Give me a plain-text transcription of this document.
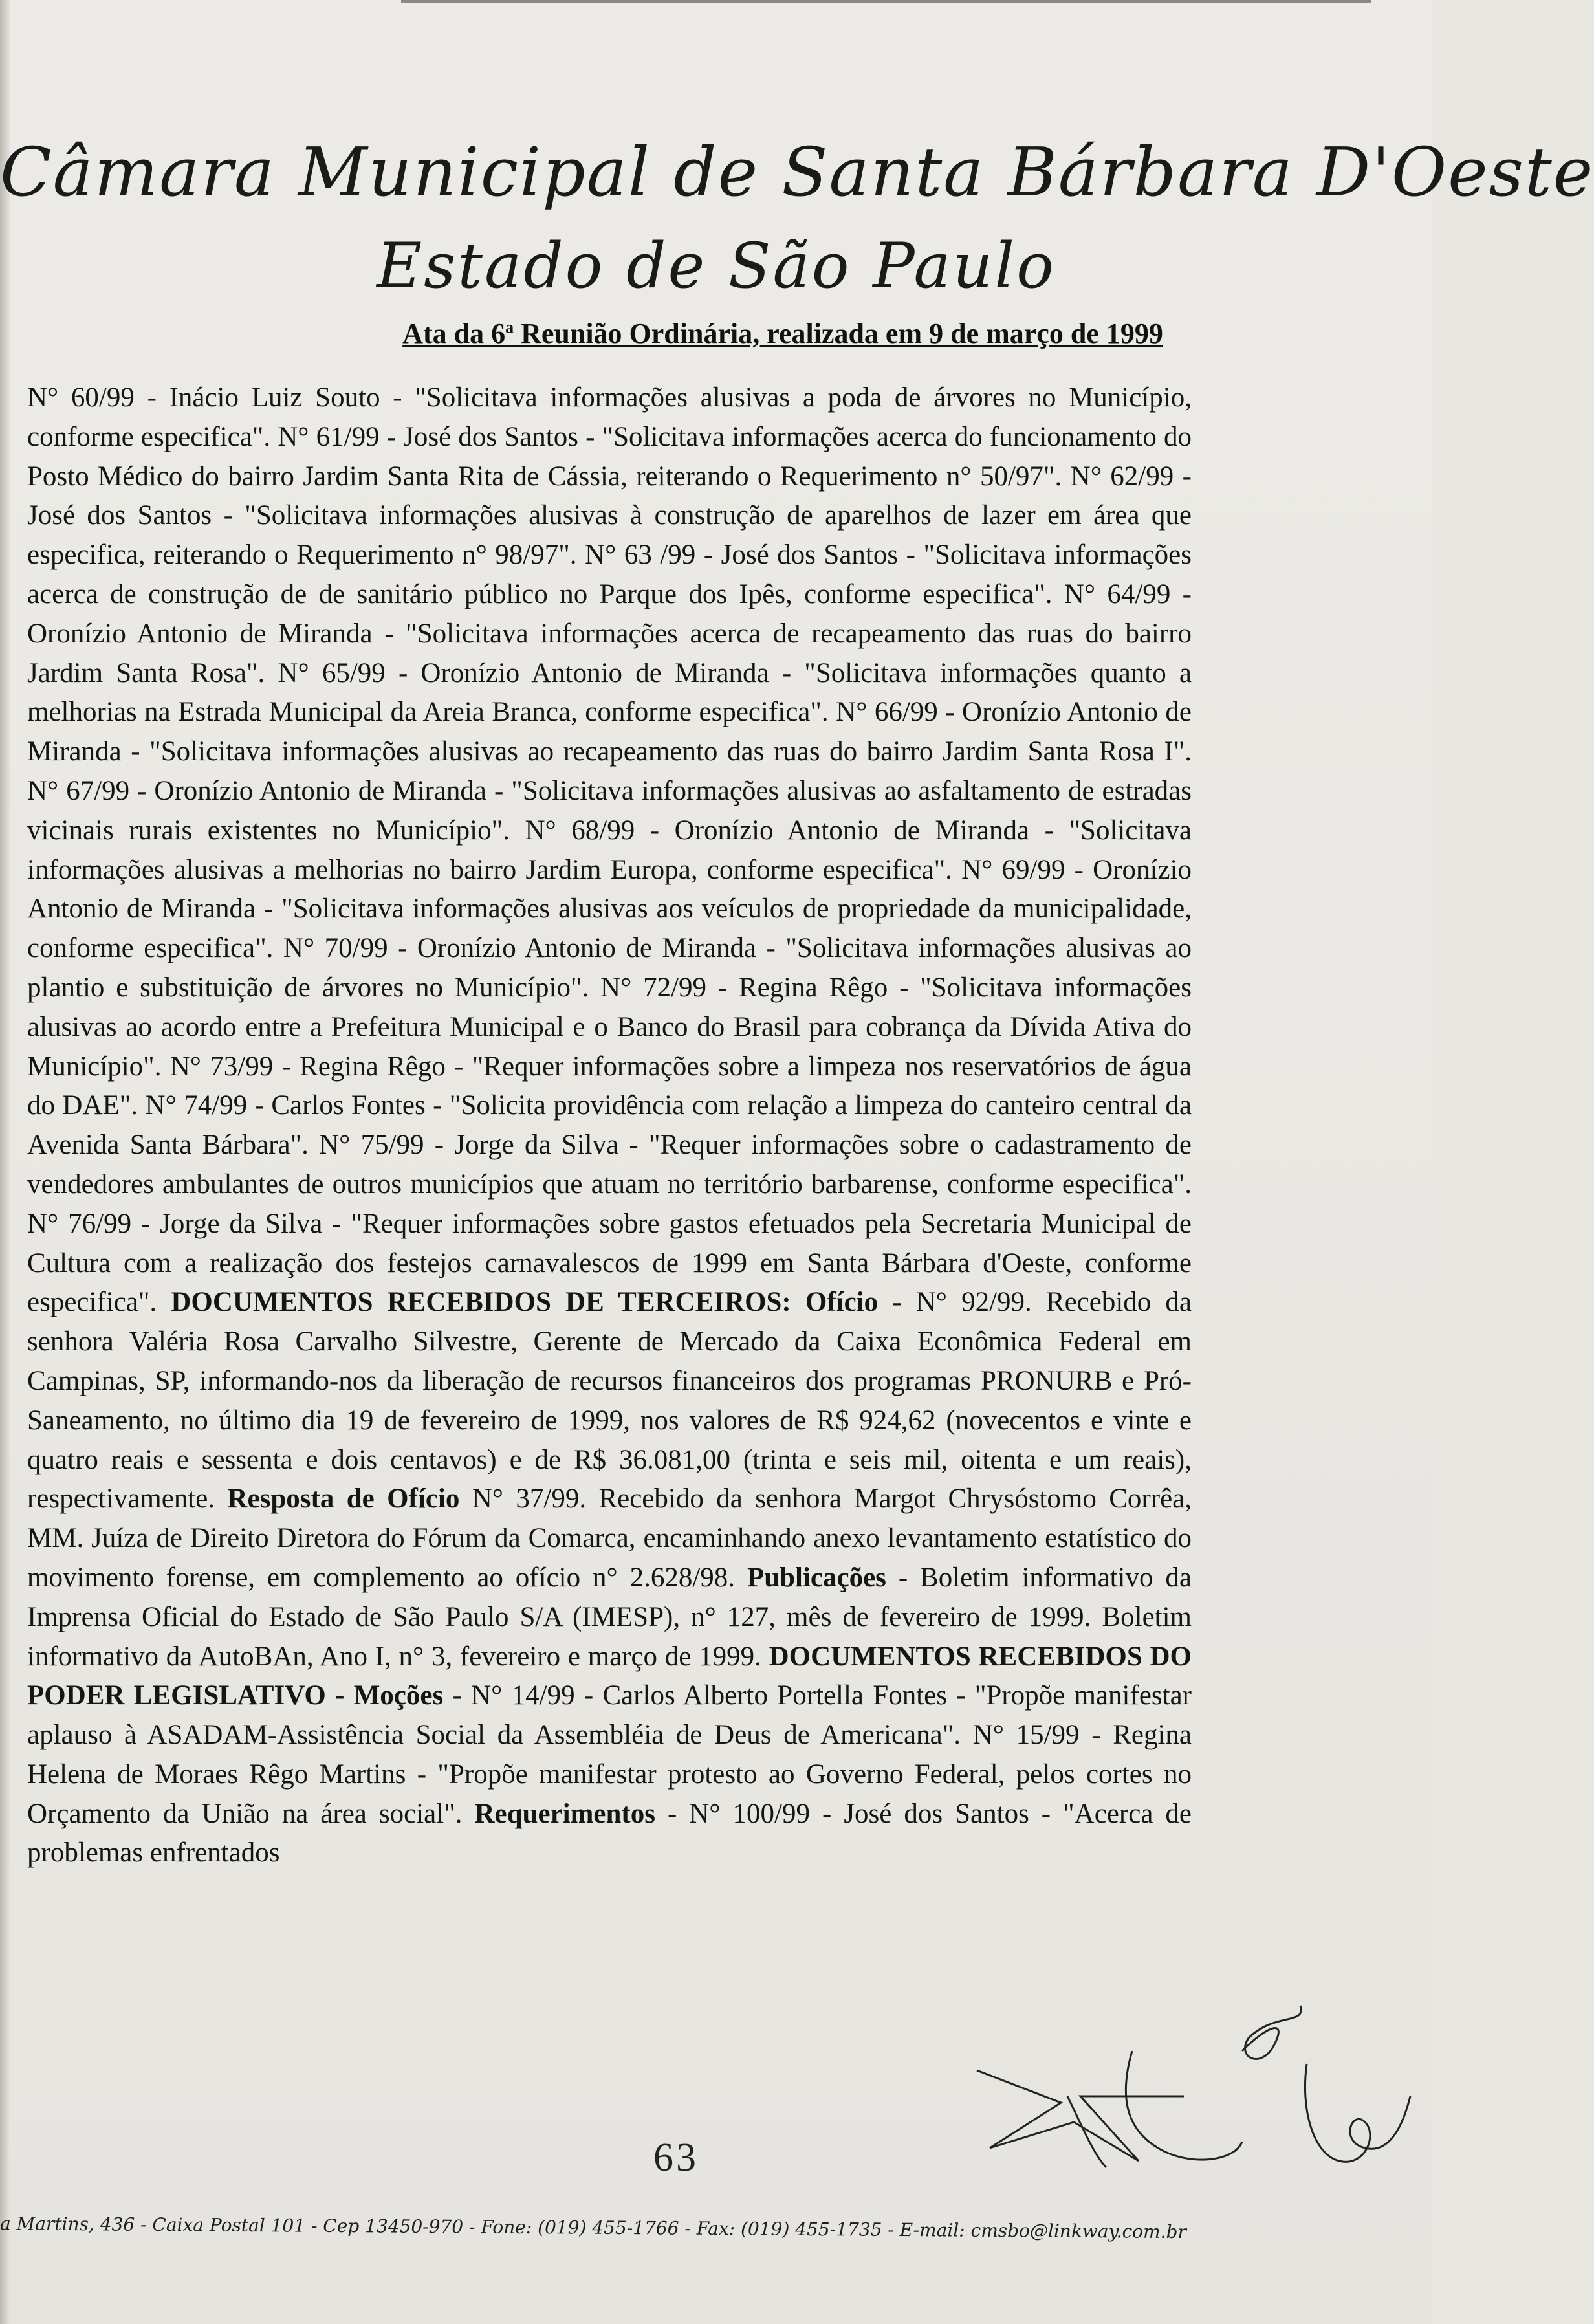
Câmara Municipal de Santa Bárbara D'Oeste
Estado de São Paulo
Ata da 6$^a$ Reunião Ordinária, realizada em 9 de março de 1999
N° 60/99 - Inácio Luiz Souto - "Solicitava informações alusivas a poda de árvores no Município, conforme especifica". N° 61/99 - José dos Santos - "Solicitava informações acerca do funcionamento do Posto Médico do bairro Jardim Santa Rita de Cássia, reiterando o Requerimento n° 50/97". N° 62/99 - José dos Santos - "Solicitava informações alusivas à construção de aparelhos de lazer em área que especifica, reiterando o Requerimento n° 98/97". N° 63 /99 - José dos Santos - "Solicitava informações acerca de construção de de sanitário público no Parque dos Ipês, conforme especifica". N° 64/99 - Oronízio Antonio de Miranda - "Solicitava informações acerca de recapeamento das ruas do bairro Jardim Santa Rosa". N° 65/99 - Oronízio Antonio de Miranda - "Solicitava informações quanto a melhorias na Estrada Municipal da Areia Branca, conforme especifica". N° 66/99 - Oronízio Antonio de Miranda - "Solicitava informações alusivas ao recapeamento das ruas do bairro Jardim Santa Rosa I". N° 67/99 - Oronízio Antonio de Miranda - "Solicitava informações alusivas ao asfaltamento de estradas vicinais rurais existentes no Município". N° 68/99 - Oronízio Antonio de Miranda - "Solicitava informações alusivas a melhorias no bairro Jardim Europa, conforme especifica". N° 69/99 - Oronízio Antonio de Miranda - "Solicitava informações alusivas aos veículos de propriedade da municipalidade, conforme especifica". N° 70/99 - Oronízio Antonio de Miranda - "Solicitava informações alusivas ao plantio e substituição de árvores no Município". N° 72/99 - Regina Rêgo - "Solicitava informações alusivas ao acordo entre a Prefeitura Municipal e o Banco do Brasil para cobrança da Dívida Ativa do Município". N° 73/99 - Regina Rêgo - "Requer informações sobre a limpeza nos reservatórios de água do DAE". N° 74/99 - Carlos Fontes - "Solicita providência com relação a limpeza do canteiro central da Avenida Santa Bárbara". N° 75/99 - Jorge da Silva - "Requer informações sobre o cadastramento de vendedores ambulantes de outros municípios que atuam no território barbarense, conforme especifica". N° 76/99 - Jorge da Silva - "Requer informações sobre gastos efetuados pela Secretaria Municipal de Cultura com a realização dos festejos carnavalescos de 1999 em Santa Bárbara d'Oeste, conforme especifica". DOCUMENTOS RECEBIDOS DE TERCEIROS: Ofício - N° 92/99. Recebido da senhora Valéria Rosa Carvalho Silvestre, Gerente de Mercado da Caixa Econômica Federal em Campinas, SP, informando-nos da liberação de recursos financeiros dos programas PRONURB e Pró-Saneamento, no último dia 19 de fevereiro de 1999, nos valores de R$ 924,62 (novecentos e vinte e quatro reais e sessenta e dois centavos) e de R$ 36.081,00 (trinta e seis mil, oitenta e um reais), respectivamente. Resposta de Ofício N° 37/99. Recebido da senhora Margot Chrysóstomo Corrêa, MM. Juíza de Direito Diretora do Fórum da Comarca, encaminhando anexo levantamento estatístico do movimento forense, em complemento ao ofício n° 2.628/98. Publicações - Boletim informativo da Imprensa Oficial do Estado de São Paulo S/A (IMESP), n° 127, mês de fevereiro de 1999. Boletim informativo da AutoBAn, Ano I, n° 3, fevereiro e março de 1999. DOCUMENTOS RECEBIDOS DO PODER LEGISLATIVO - Moções - N° 14/99 - Carlos Alberto Portella Fontes - "Propõe manifestar aplauso à ASADAM-Assistência Social da Assembléia de Deus de Americana". N° 15/99 - Regina Helena de Moraes Rêgo Martins - "Propõe manifestar protesto ao Governo Federal, pelos cortes no Orçamento da União na área social". Requerimentos - N° 100/99 - José dos Santos - "Acerca de problemas enfrentados
63
a Martins, 436 - Caixa Postal 101 - Cep 13450-970 - Fone: (019) 455-1766 - Fax: (019) 455-1735 - E-mail: cmsbo@linkway.com.br
